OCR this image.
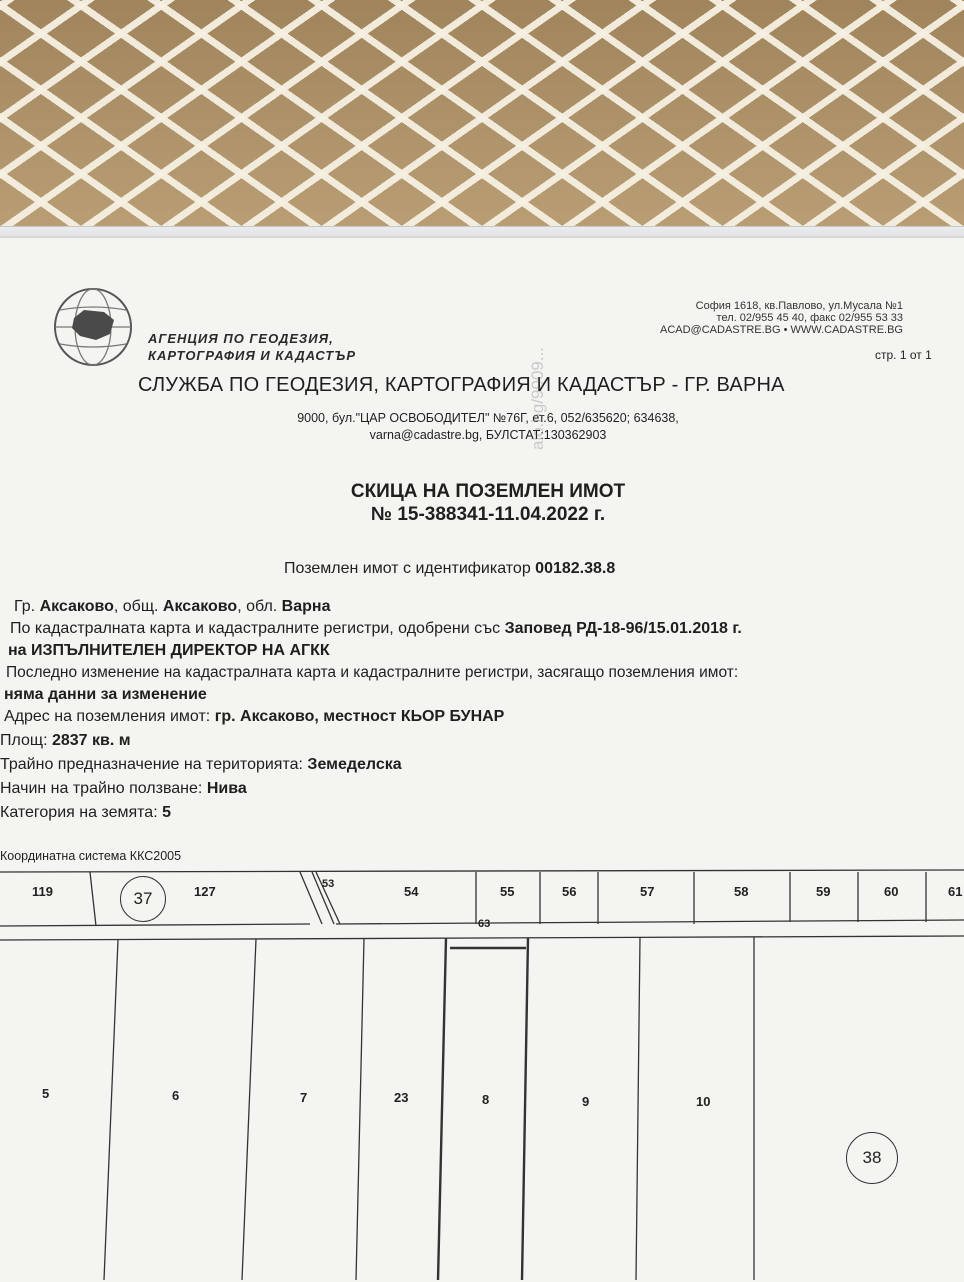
АГЕНЦИЯ ПО ГЕОДЕЗИЯ,
КАРТОГРАФИЯ И КАДАСТЪР
София 1618, кв.Павлово, ул.Мусала №1
тел. 02/955 45 40, факс 02/955 53 33
ACAD@CADASTRE.BG • WWW.CADASTRE.BG
стр. 1 от 1
СЛУЖБА ПО ГЕОДЕЗИЯ, КАРТОГРАФИЯ И КАДАСТЪР - ГР. ВАРНА
9000, бул."ЦАР ОСВОБОДИТЕЛ" №76Г, ет.6, 052/635620; 634638,
varna@cadastre.bg, БУЛСТАТ:130362903
СКИЦА НА ПОЗЕМЛЕН ИМОТ
№ 15-388341-11.04.2022 г.
alo.bg/9009...
Поземлен имот с идентификатор 00182.38.8
Гр. Аксаково, общ. Аксаково, обл. Варна
По кадастралната карта и кадастралните регистри, одобрени със Заповед РД-18-96/15.01.2018 г.
на ИЗПЪЛНИТЕЛЕН ДИРЕКТОР НА АГКК
Последно изменение на кадастралната карта и кадастралните регистри, засягащо поземления имот:
няма данни за изменение
Адрес на поземления имот: гр. Аксаково, местност КЬОР БУНАР
Площ: 2837 кв. м
Трайно предназначение на територията: Земеделска
Начин на трайно ползване: Нива
Категория на земята: 5
Координатна система ККС2005
119	127	53	54	55	56	57	58	59	60	61
63
5	6	7	23	8	9	10
37
38
